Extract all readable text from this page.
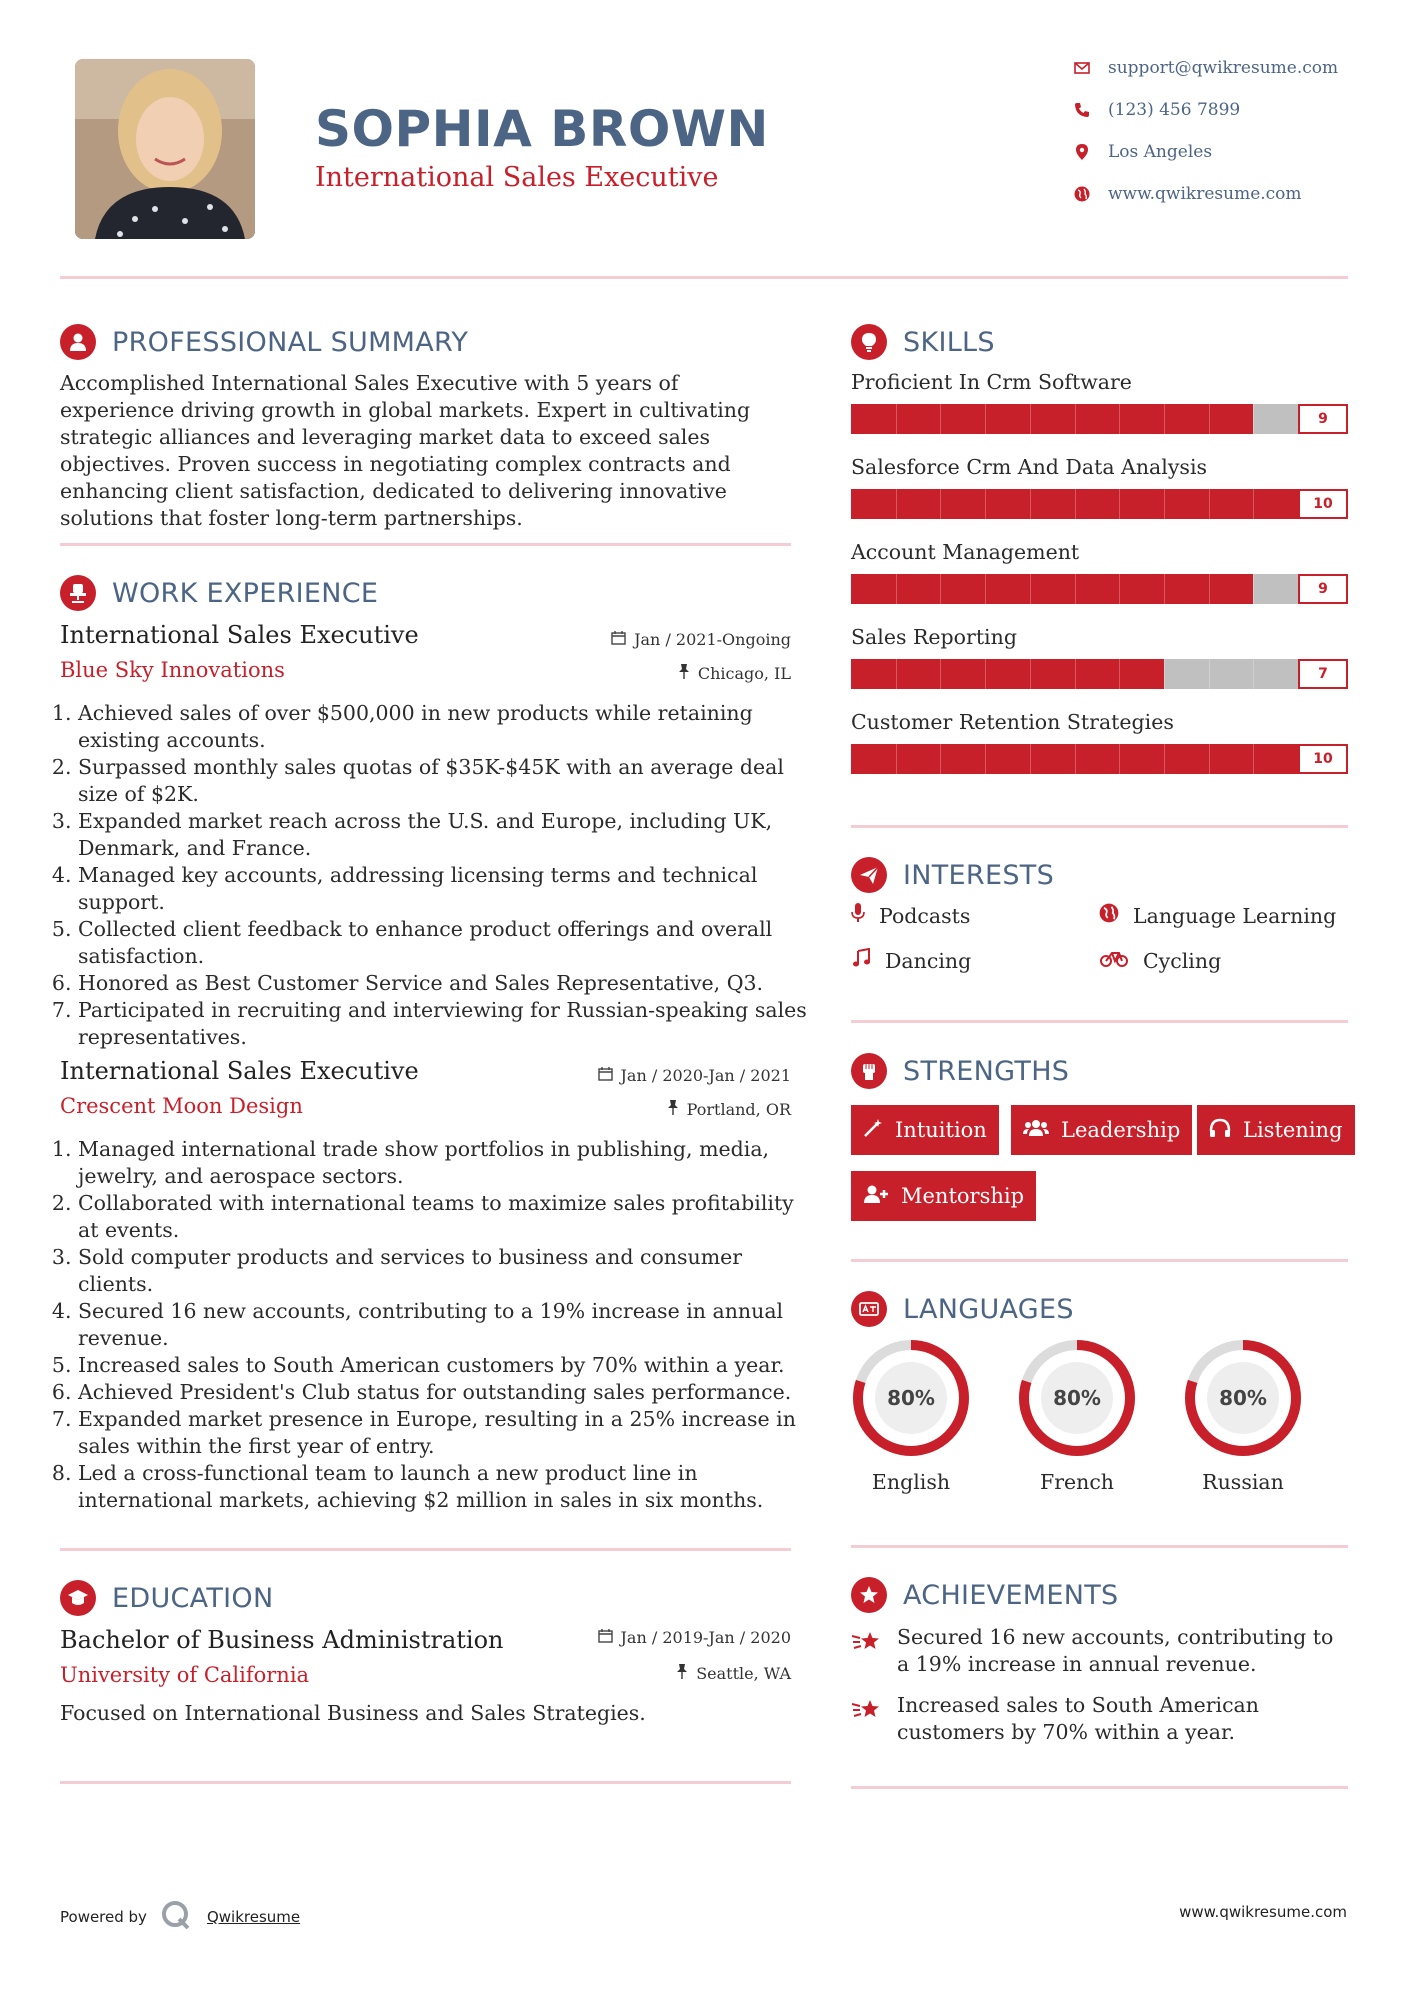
SOPHIA BROWN
International Sales Executive
support@qwikresume.com
(123) 456 7899
Los Angeles
www.qwikresume.com
PROFESSIONAL SUMMARY
Accomplished International Sales Executive with 5 years of experience driving growth in global markets. Expert in cultivating strategic alliances and leveraging market data to exceed sales objectives. Proven success in negotiating complex contracts and enhancing client satisfaction, dedicated to delivering innovative solutions that foster long-term partnerships.
WORK EXPERIENCE
International Sales Executive
Blue Sky Innovations
Jan / 2021-Ongoing
Chicago, IL
1. Achieved sales of over $500,000 in new products while retaining existing accounts.
2. Surpassed monthly sales quotas of $35K-$45K with an average deal size of $2K.
3. Expanded market reach across the U.S. and Europe, including UK, Denmark, and France.
4. Managed key accounts, addressing licensing terms and technical support.
5. Collected client feedback to enhance product offerings and overall satisfaction.
6. Honored as Best Customer Service and Sales Representative, Q3.
7. Participated in recruiting and interviewing for Russian-speaking sales representatives.
International Sales Executive
Crescent Moon Design
Jan / 2020-Jan / 2021
Portland, OR
1. Managed international trade show portfolios in publishing, media, jewelry, and aerospace sectors.
2. Collaborated with international teams to maximize sales profitability at events.
3. Sold computer products and services to business and consumer clients.
4. Secured 16 new accounts, contributing to a 19% increase in annual revenue.
5. Increased sales to South American customers by 70% within a year.
6. Achieved President's Club status for outstanding sales performance.
7. Expanded market presence in Europe, resulting in a 25% increase in sales within the first year of entry.
8. Led a cross-functional team to launch a new product line in international markets, achieving $2 million in sales in six months.
EDUCATION
Bachelor of Business Administration
University of California
Jan / 2019-Jan / 2020
Seattle, WA
Focused on International Business and Sales Strategies.
SKILLS
Proficient In Crm Software
9
Salesforce Crm And Data Analysis
10
Account Management
9
Sales Reporting
7
Customer Retention Strategies
10
INTERESTS
Podcasts	Language Learning
Dancing	Cycling
STRENGTHS
Intuition	Leadership	Listening
Mentorship
LANGUAGES
80%
English
80%
French
80%
Russian
ACHIEVEMENTS
Secured 16 new accounts, contributing to a 19% increase in annual revenue.
Increased sales to South American customers by 70% within a year.
Powered by	Qwikresume	www.qwikresume.com
